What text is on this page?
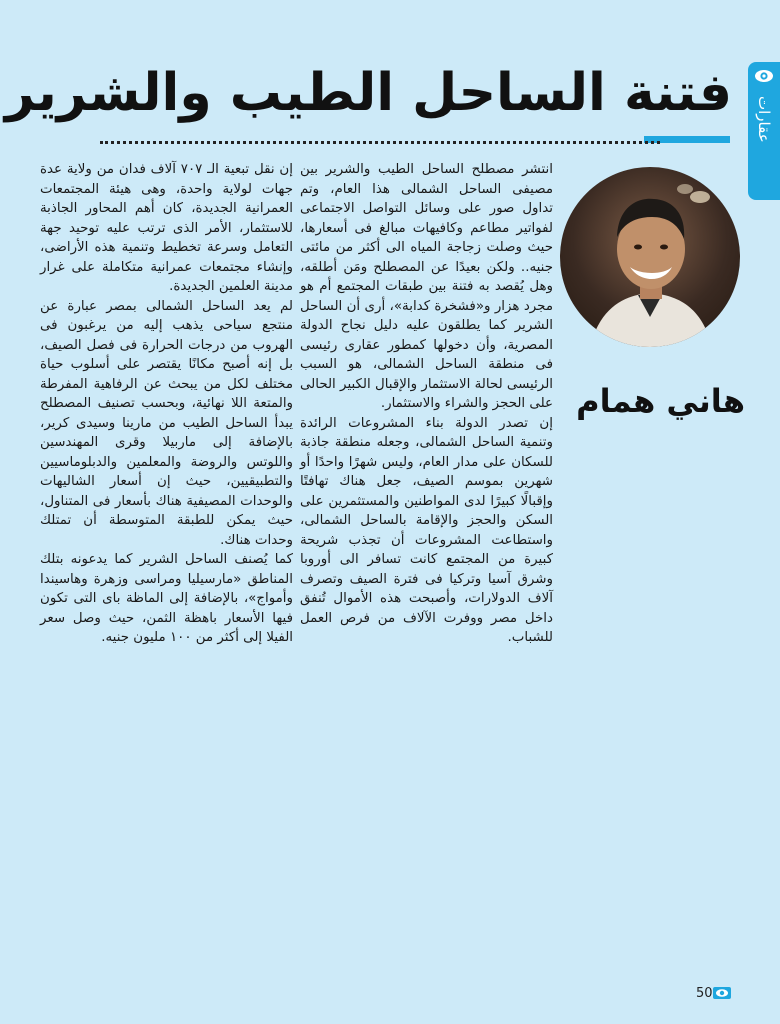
عقارات
فتنة الساحل الطيب والشرير
هاني همام

انتشر مصطلح الساحل الطيب والشرير بين مصيفى الساحل الشمالى هذا العام، وتم تداول صور على وسائل التواصل الاجتماعى لفواتير مطاعم وكافيهات مبالغ فى أسعارها، حيث وصلت زجاجة المياه الى أكثر من مائتى جنيه.. ولكن بعيدًا عن المصطلح ومَن أطلقه، وهل يُقصد به فتنة بين طبقات المجتمع أم هو مجرد هزار و«فشخرة كدابة»، أرى أن الساحل الشرير كما يطلقون عليه دليل نجاح الدولة المصرية، وأن دخولها كمطور عقارى رئيسى فى منطقة الساحل الشمالى، هو السبب الرئيسى لحالة الاستثمار والإقبال الكبير الحالى على الحجز والشراء والاستثمار.

إن تصدر الدولة بناء المشروعات الرائدة وتنمية الساحل الشمالى، وجعله منطقة جاذبة للسكان على مدار العام، وليس شهرًا واحدًا أو شهرين بموسم الصيف، جعل هناك تهافتًا وإقبالًا كبيرًا لدى المواطنين والمستثمرين على السكن والحجز والإقامة بالساحل الشمالى، واستطاعت المشروعات أن تجذب شريحة كبيرة من المجتمع كانت تسافر الى أوروبا وشرق آسيا وتركيا فى فترة الصيف وتصرف آلاف الدولارات، وأصبحت هذه الأموال تُنفق داخل مصر ووفرت الآلاف من فرص العمل للشباب.

إن نقل تبعية الـ ٧٠٧ آلاف فدان من ولاية عدة جهات لولاية واحدة، وهى هيئة المجتمعات العمرانية الجديدة، كان أهم المحاور الجاذبة للاستثمار، الأمر الذى ترتب عليه توحيد جهة التعامل وسرعة تخطيط وتنمية هذه الأراضى، وإنشاء مجتمعات عمرانية متكاملة على غرار مدينة العلمين الجديدة.

لم يعد الساحل الشمالى بمصر عبارة عن منتجع سياحى يذهب إليه من يرغبون فى الهروب من درجات الحرارة فى فصل الصيف، بل إنه أصبح مكانًا يقتصر على أسلوب حياة مختلف لكل من يبحث عن الرفاهية المفرطة والمتعة اللا نهائية، وبحسب تصنيف المصطلح يبدأ الساحل الطيب من مارينا وسيدى كرير، بالإضافة إلى ماربيلا وقرى المهندسين واللوتس والروضة والمعلمين والدبلوماسيين والتطبيقيين، حيث إن أسعار الشاليهات والوحدات المصيفية هناك بأسعار فى المتناول، حيث يمكن للطبقة المتوسطة أن تمتلك وحدات هناك.

كما يُصنف الساحل الشرير كما يدعونه بتلك المناطق «مارسيليا ومراسى وزهرة وهاسيندا وأمواج»، بالإضافة إلى الماظة باى التى تكون فيها الأسعار باهظة الثمن، حيث وصل سعر الفيلا إلى أكثر من ١٠٠ مليون جنيه.

50
